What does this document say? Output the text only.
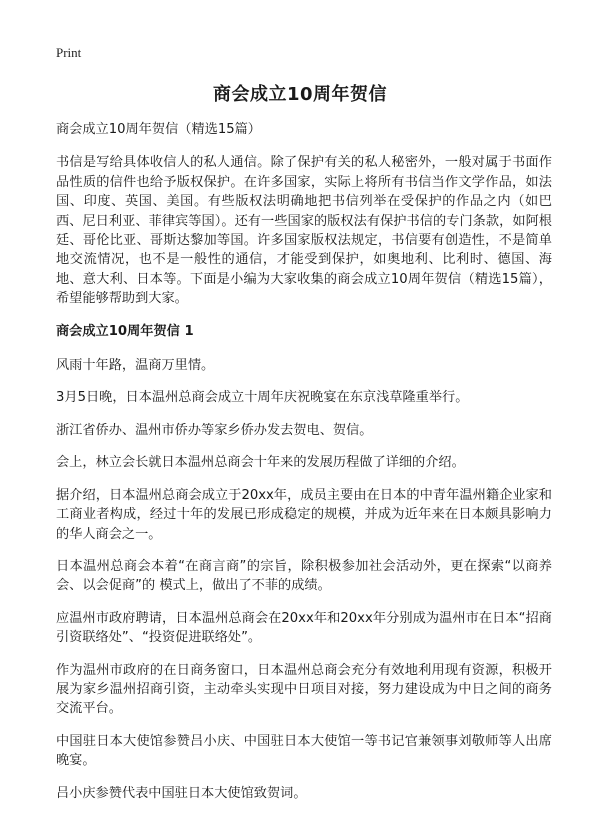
Print
商会成立10周年贺信

商会成立10周年贺信（精选15篇）

书信是写给具体收信人的私人通信。除了保护有关的私人秘密外，一般对属于书面作品性质的信件也给予版权保护。在许多国家，实际上将所有书信当作文学作品，如法国、印度、英国、美国。有些版权法明确地把书信列举在受保护的作品之内（如巴西、尼日利亚、菲律宾等国）。还有一些国家的版权法有保护书信的专门条款，如阿根廷、哥伦比亚、哥斯达黎加等国。许多国家版权法规定，书信要有创造性，不是简单地交流情况，也不是一般性的通信，才能受到保护，如奥地利、比利时、德国、海地、意大利、日本等。下面是小编为大家收集的商会成立10周年贺信（精选15篇），希望能够帮助到大家。

商会成立10周年贺信 1

风雨十年路，温商万里情。

3月5日晚，日本温州总商会成立十周年庆祝晚宴在东京浅草隆重举行。

浙江省侨办、温州市侨办等家乡侨办发去贺电、贺信。

会上，林立会长就日本温州总商会十年来的发展历程做了详细的介绍。

据介绍，日本温州总商会成立于20xx年，成员主要由在日本的中青年温州籍企业家和工商业者构成，经过十年的发展已形成稳定的规模，并成为近年来在日本颇具影响力的华人商会之一。

日本温州总商会本着“在商言商”的宗旨，除积极参加社会活动外，更在探索“以商养会、以会促商”的 模式上，做出了不菲的成绩。

应温州市政府聘请，日本温州总商会在20xx年和20xx年分别成为温州市在日本“招商引资联络处”、“投资促进联络处”。

作为温州市政府的在日商务窗口，日本温州总商会充分有效地利用现有资源，积极开展为家乡温州招商引资，主动牵头实现中日项目对接，努力建设成为中日之间的商务交流平台。

中国驻日本大使馆参赞吕小庆、中国驻日本大使馆一等书记官兼领事刘敬师等人出席晚宴。

吕小庆参赞代表中国驻日本大使馆致贺词。
